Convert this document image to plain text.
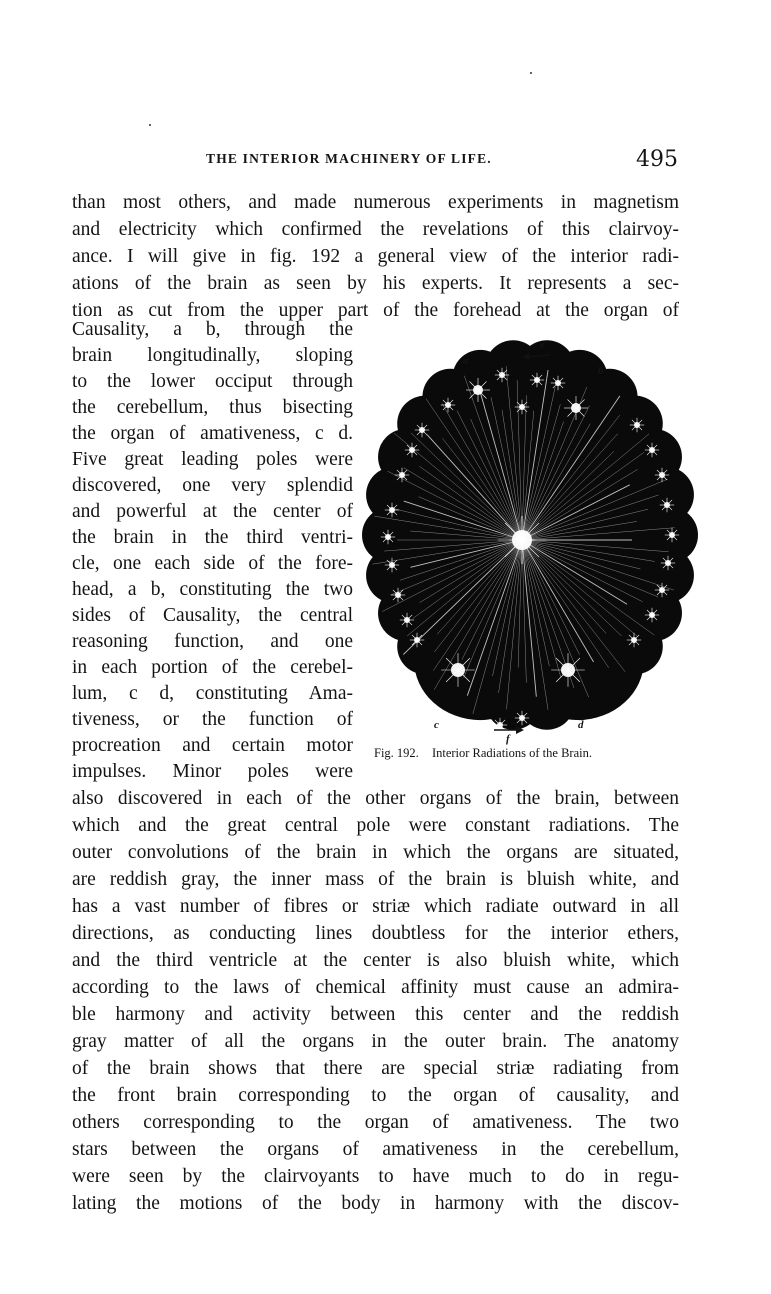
THE INTERIOR MACHINERY OF LIFE.	495
than most others, and made numerous experiments in magnetism
and electricity which confirmed the revelations of this clairvoy-
ance. I will give in fig. 192 a general view of the interior radi-
ations of the brain as seen by his experts. It represents a sec-
tion as cut from the upper part of the forehead at the organ of
Causality, a b, through the
brain longitudinally, sloping
to the lower occiput through
the cerebellum, thus bisecting
the organ of amativeness, c d.
Five great leading poles were
discovered, one very splendid
and powerful at the center of
the brain in the third ventri-
cle, one each side of the fore-
head, a b, constituting the two
sides of Causality, the central
reasoning function, and one
in each portion of the cerebel-
lum, c d, constituting Ama-
tiveness, or the function of
procreation and certain motor
impulses. Minor poles were
a
e
b
c
f
d
Fig. 192. Interior Radiations of the Brain.
also discovered in each of the other organs of the brain, between
which and the great central pole were constant radiations. The
outer convolutions of the brain in which the organs are situated,
are reddish gray, the inner mass of the brain is bluish white, and
has a vast number of fibres or striæ which radiate outward in all
directions, as conducting lines doubtless for the interior ethers,
and the third ventricle at the center is also bluish white, which
according to the laws of chemical affinity must cause an admira-
ble harmony and activity between this center and the reddish
gray matter of all the organs in the outer brain. The anatomy
of the brain shows that there are special striæ radiating from
the front brain corresponding to the organ of causality, and
others corresponding to the organ of amativeness. The two
stars between the organs of amativeness in the cerebellum,
were seen by the clairvoyants to have much to do in regu-
lating the motions of the body in harmony with the discov-
